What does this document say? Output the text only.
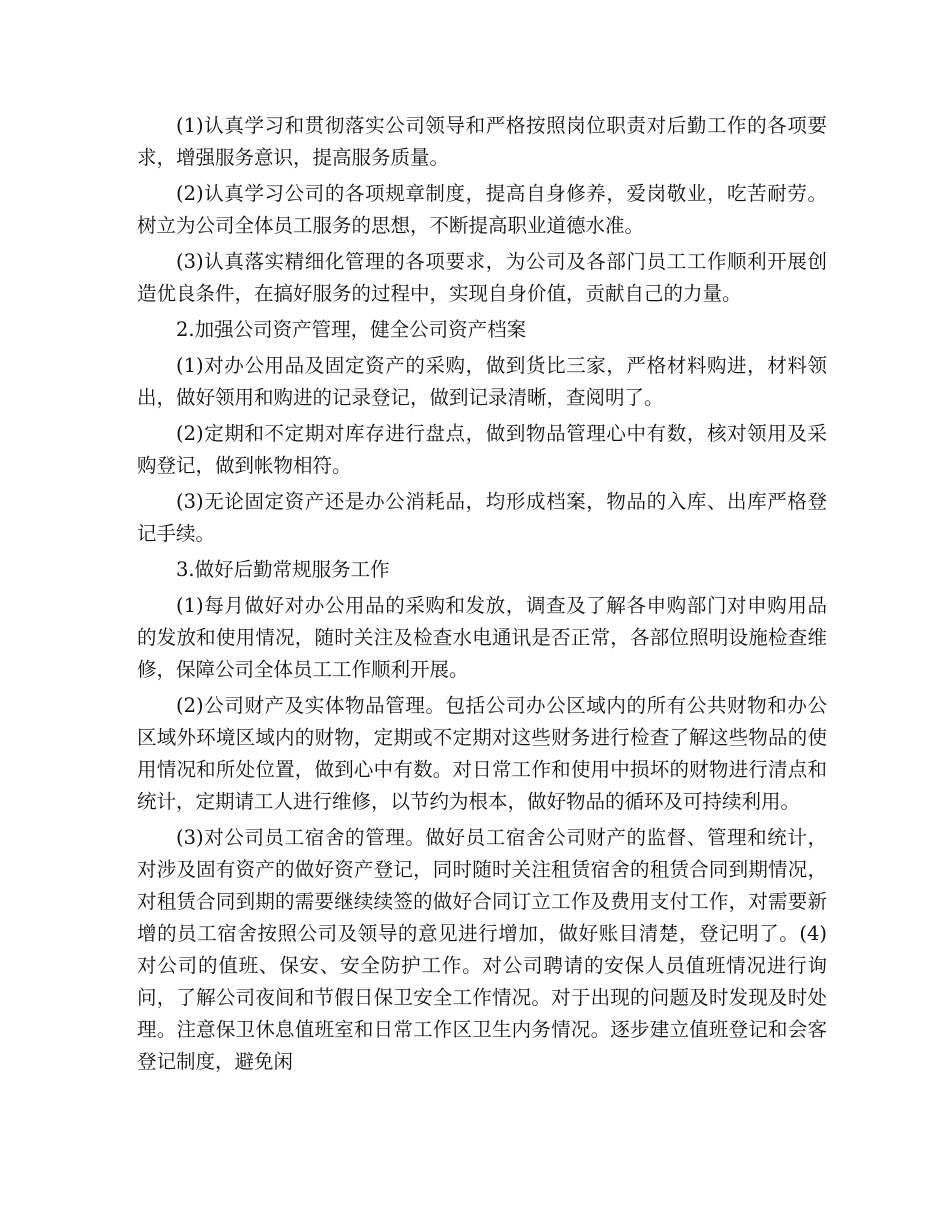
(1)认真学习和贯彻落实公司领导和严格按照岗位职责对后勤工作的各项要求，增强服务意识，提高服务质量。

(2)认真学习公司的各项规章制度，提高自身修养，爱岗敬业，吃苦耐劳。树立为公司全体员工服务的思想，不断提高职业道德水准。

(3)认真落实精细化管理的各项要求，为公司及各部门员工工作顺利开展创造优良条件，在搞好服务的过程中，实现自身价值，贡献自己的力量。

2.加强公司资产管理，健全公司资产档案

(1)对办公用品及固定资产的采购，做到货比三家，严格材料购进，材料领出，做好领用和购进的记录登记，做到记录清晰，查阅明了。

(2)定期和不定期对库存进行盘点，做到物品管理心中有数，核对领用及采购登记，做到帐物相符。

(3)无论固定资产还是办公消耗品，均形成档案，物品的入库、出库严格登记手续。

3.做好后勤常规服务工作

(1)每月做好对办公用品的采购和发放，调查及了解各申购部门对申购用品的发放和使用情况，随时关注及检查水电通讯是否正常，各部位照明设施检查维修，保障公司全体员工工作顺利开展。

(2)公司财产及实体物品管理。包括公司办公区域内的所有公共财物和办公区域外环境区域内的财物，定期或不定期对这些财务进行检查了解这些物品的使用情况和所处位置，做到心中有数。对日常工作和使用中损坏的财物进行清点和统计，定期请工人进行维修，以节约为根本，做好物品的循环及可持续利用。

(3)对公司员工宿舍的管理。做好员工宿舍公司财产的监督、管理和统计，对涉及固有资产的做好资产登记，同时随时关注租赁宿舍的租赁合同到期情况，对租赁合同到期的需要继续续签的做好合同订立工作及费用支付工作，对需要新增的员工宿舍按照公司及领导的意见进行增加，做好账目清楚，登记明了。(4)对公司的值班、保安、安全防护工作。对公司聘请的安保人员值班情况进行询问，了解公司夜间和节假日保卫安全工作情况。对于出现的问题及时发现及时处理。注意保卫休息值班室和日常工作区卫生内务情况。逐步建立值班登记和会客登记制度，避免闲
